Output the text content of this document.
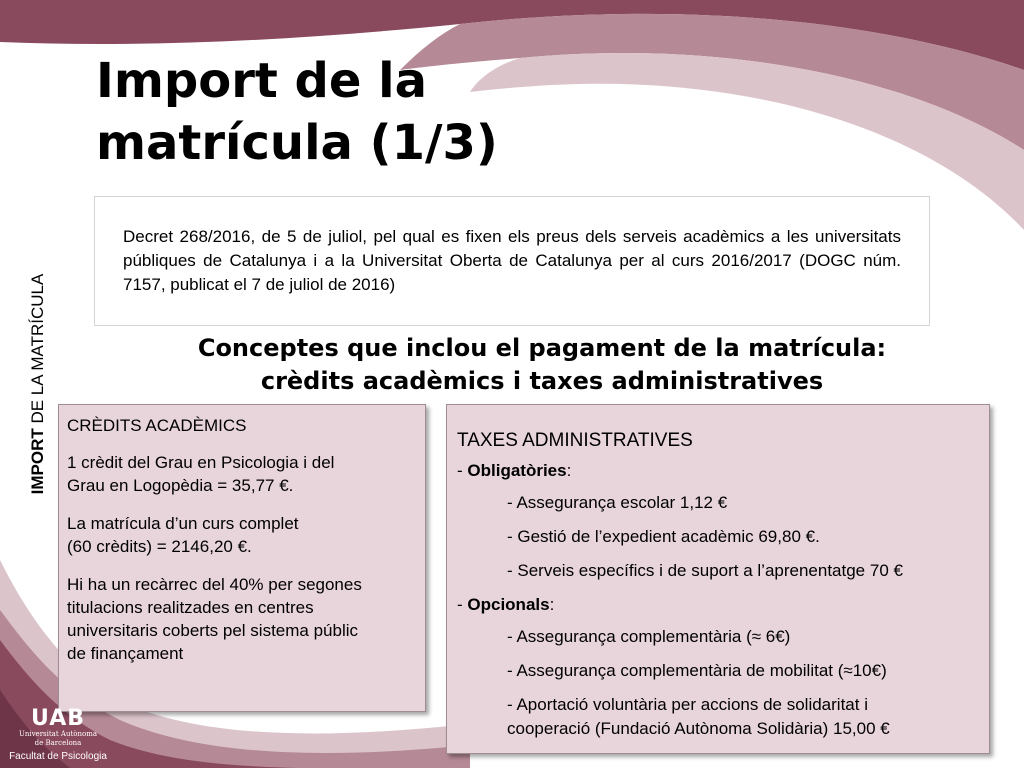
Import de la
matrícula (1/3)
IMPORT DE LA MATRÍCULA

Decret 268/2016, de 5 de juliol, pel qual es fixen els preus dels serveis acadèmics a les universitats públiques de Catalunya i a la Universitat Oberta de Catalunya per al curs 2016/2017 (DOGC núm. 7157, publicat el 7 de juliol de 2016)

Conceptes que inclou el pagament de la matrícula:
crèdits acadèmics i taxes administratives
CRÈDITS ACADÈMICS

1 crèdit del Grau en Psicologia i del
Grau en Logopèdia = 35,77 €.

La matrícula d’un curs complet
(60 crèdits) = 2146,20 €.

Hi ha un recàrrec del 40% per segones
titulacions realitzades en centres
universitaris coberts pel sistema públic
de finançament

TAXES ADMINISTRATIVES

- Obligatòries:

- Assegurança escolar 1,12 €

- Gestió de l’expedient acadèmic 69,80 €.

- Serveis específics i de suport a l’aprenentatge 70 €

- Opcionals:

- Assegurança complementària (≈ 6€)

- Assegurança complementària de mobilitat (≈10€)

- Aportació voluntària per accions de solidaritat i
cooperació (Fundació Autònoma Solidària) 15,00 €

UAB
Universitat Autònoma
de Barcelona
Facultat de Psicologia
